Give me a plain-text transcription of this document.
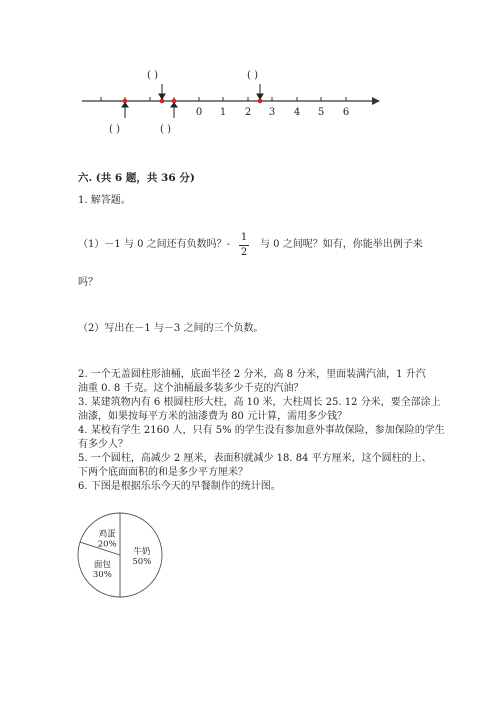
0 1 2 3 4 5 6
( )	( )
( )	( )
六. (共 6 题，共 36 分)
1. 解答题。
（1）－1 与 0 之间还有负数吗？-
1
2
与 0 之间呢？如有，你能举出例子来
吗？
（2）写出在－1 与－3 之间的三个负数。
2. 一个无盖圆柱形油桶，底面半径 2 分米，高 8 分米，里面装满汽油，1 升汽
油重 0. 8 千克。这个油桶最多装多少千克的汽油？
3. 某建筑物内有 6 根圆柱形大柱，高 10 米，大柱周长 25. 12 分米，要全部涂上
油漆，如果按每平方米的油漆费为 80 元计算，需用多少钱？
4. 某校有学生 2160 人，只有 5% 的学生没有参加意外事故保险，参加保险的学生
有多少人？
5. 一个圆柱，高减少 2 厘米，表面积就减少 18. 84 平方厘米，这个圆柱的上、
下两个底面面积的和是多少平方厘米？
6. 下图是根据乐乐今天的早餐制作的统计图。
牛奶
50%
面包
30%
鸡蛋
20%
